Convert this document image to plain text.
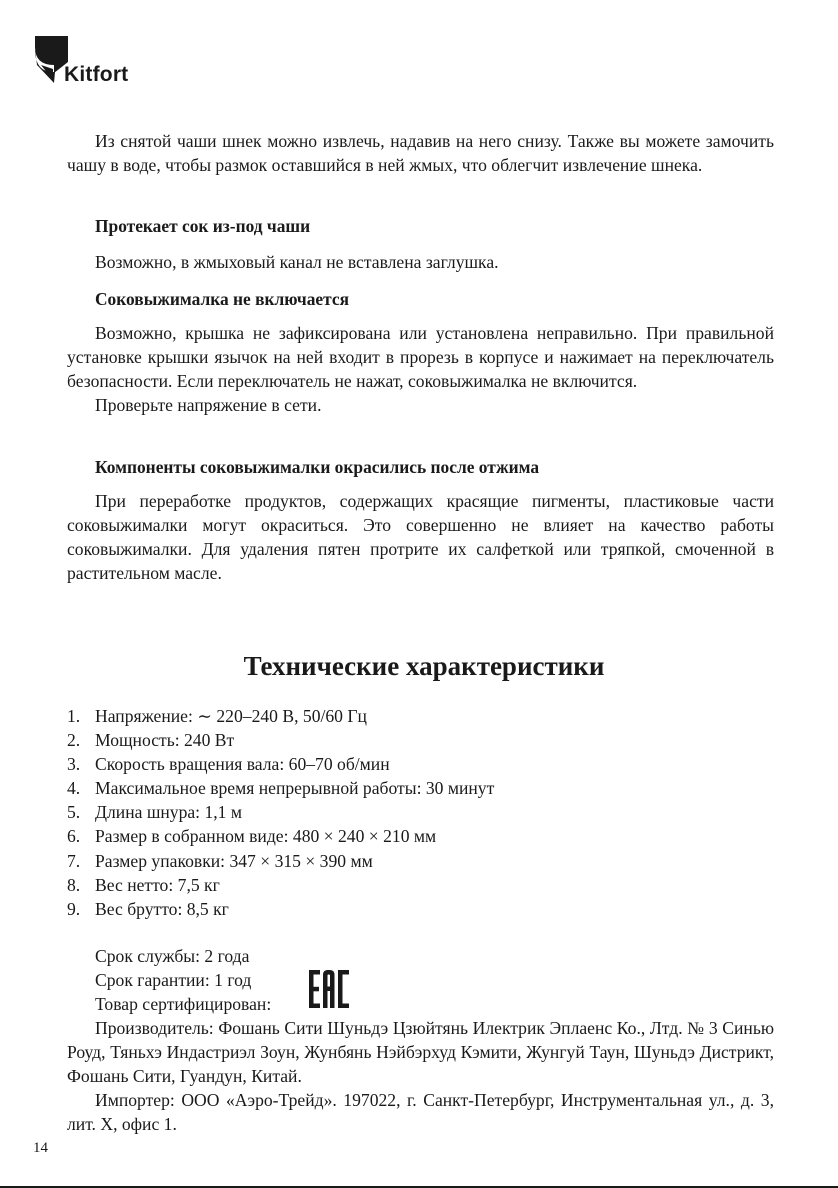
Kitfort

Из снятой чаши шнек можно извлечь, надавив на него снизу. Также вы можете замочить чашу в воде, чтобы размок оставшийся в ней жмых, что облегчит извлечение шнека.

Протекает сок из-под чаши

Возможно, в жмыховый канал не вставлена заглушка.

Соковыжималка не включается

Возможно, крышка не зафиксирована или установлена неправильно. При правильной установке крышки язычок на ней входит в прорезь в корпусе и нажимает на переключатель безопасности. Если переключатель не нажат, соковыжималка не включится.

Проверьте напряжение в сети.

Компоненты соковыжималки окрасились после отжима

При переработке продуктов, содержащих красящие пигменты, пластиковые части соковыжималки могут окраситься. Это совершенно не влияет на качество работы соковыжималки. Для удаления пятен протрите их салфеткой или тряпкой, смоченной в растительном масле.

Технические характеристики
1. Напряжение: ∼ 220–240 В, 50/60 Гц
2. Мощность: 240 Вт
3. Скорость вращения вала: 60–70 об/мин
4. Максимальное время непрерывной работы: 30 минут
5. Длина шнура: 1,1 м
6. Размер в собранном виде: 480 × 240 × 210 мм
7. Размер упаковки: 347 × 315 × 390 мм
8. Вес нетто: 7,5 кг
9. Вес брутто: 8,5 кг

Срок службы: 2 года

Срок гарантии: 1 год

Товар сертифицирован:

Производитель: Фошань Сити Шуньдэ Цзюйтянь Илектрик Эплаенс Ко., Лтд. № 3 Синью Роуд, Тяньхэ Индастриэл Зоун, Жунбянь Нэйбэрхуд Кэмити, Жунгуй Таун, Шуньдэ Дистрикт, Фошань Сити, Гуандун, Китай.

Импортер: ООО «Аэро-Трейд». 197022, г. Санкт-Петербург, Инструментальная ул., д. 3, лит. Х, офис 1.

14
